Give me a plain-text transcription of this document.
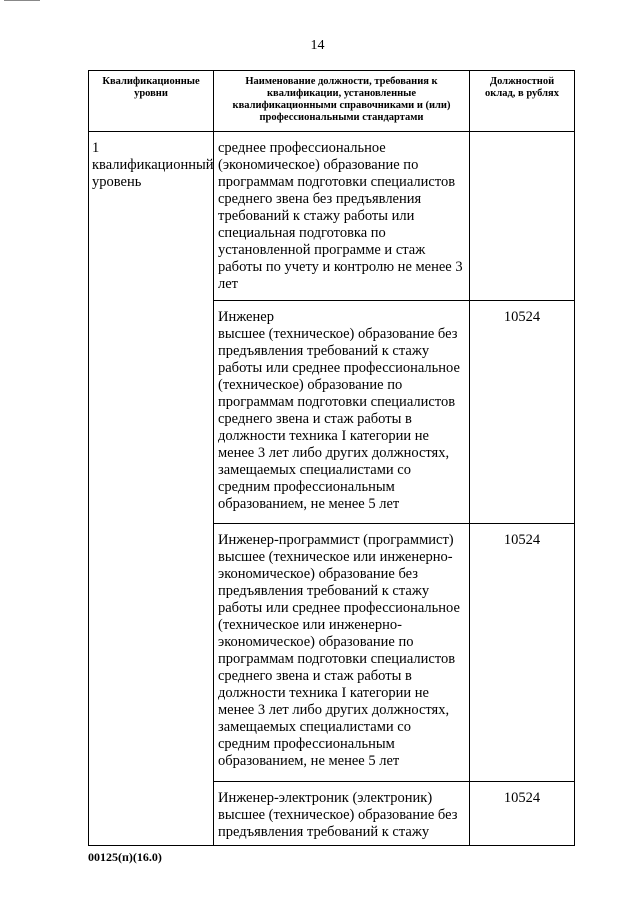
14
Квалификационные уровни	Наименование должности, требования к квалификации, установленные квалификационными справочниками и (или) профессиональными стандартами	Должностной оклад, в рублях
1 квалификационный уровень	среднее профессиональное (экономическое) образование по программам подготовки специалистов среднего звена без предъявления требований к стажу работы или специальная подготовка по установленной программе и стаж работы по учету и контролю не менее 3 лет	

	Инженер
высшее (техническое) образование без предъявления требований к стажу работы или среднее профессиональное (техническое) образование по программам подготовки специалистов среднего звена и стаж работы в должности техника I категории не менее 3 лет либо других должностях, замещаемых специалистами со средним профессиональным образованием, не менее 5 лет	10524

	Инженер-программист (программист)
высшее (техническое или инженерно-экономическое) образование без предъявления требований к стажу работы или среднее профессиональное (техническое или инженерно-экономическое) образование по программам подготовки специалистов среднего звена и стаж работы в должности техника I категории не менее 3 лет либо других должностях, замещаемых специалистами со средним профессиональным образованием, не менее 5 лет	10524

	Инженер-электроник (электроник)
высшее (техническое) образование без предъявления требований к стажу	10524
00125(п)(16.0)
